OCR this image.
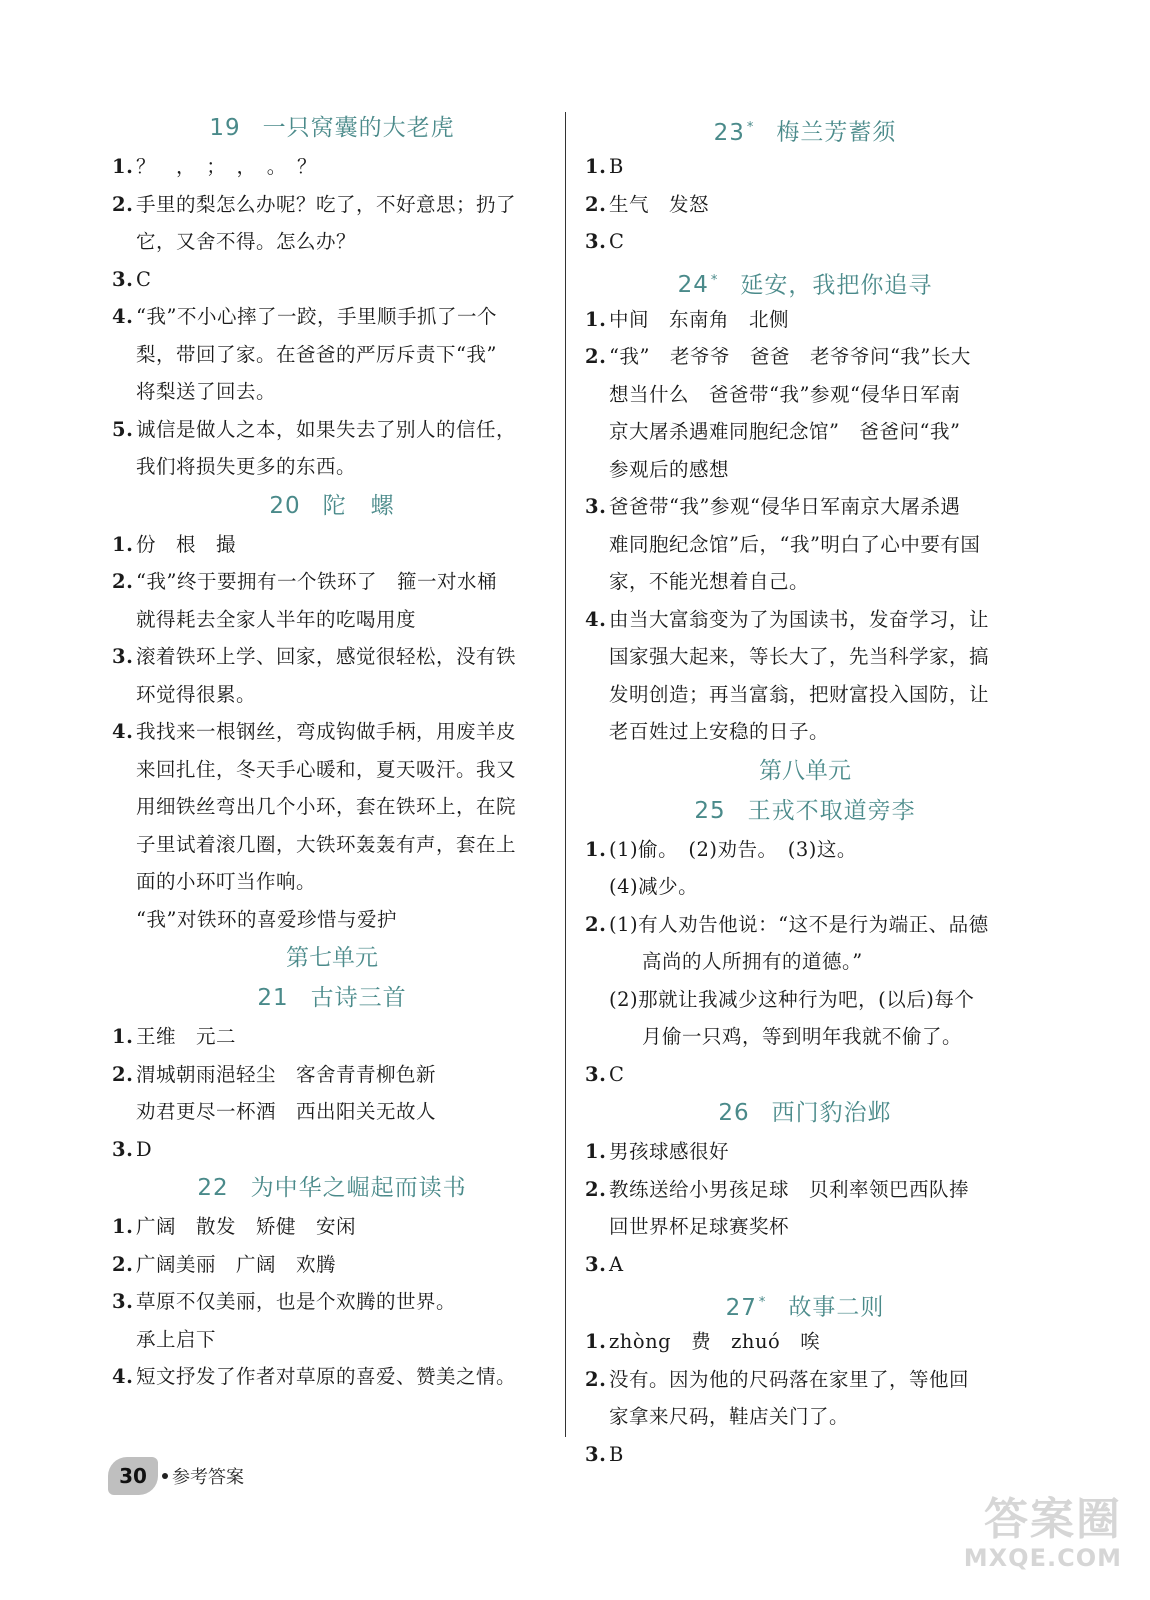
19 一只窝囊的大老虎
1. ？　，　；　，　。　？
2. 手里的梨怎么办呢？吃了，不好意思；扔了
它，又舍不得。怎么办？
3. C
4. “我”不小心摔了一跤，手里顺手抓了一个
梨，带回了家。在爸爸的严厉斥责下“我”
将梨送了回去。
5. 诚信是做人之本，如果失去了别人的信任，
我们将损失更多的东西。
20 陀　螺
1. 份　根　撮
2. “我”终于要拥有一个铁环了　箍一对水桶
就得耗去全家人半年的吃喝用度
3. 滚着铁环上学、回家，感觉很轻松，没有铁
环觉得很累。
4. 我找来一根钢丝，弯成钩做手柄，用废羊皮
来回扎住，冬天手心暖和，夏天吸汗。我又
用细铁丝弯出几个小环，套在铁环上，在院
子里试着滚几圈，大铁环轰轰有声，套在上
面的小环叮当作响。
“我”对铁环的喜爱珍惜与爱护
第七单元
21 古诗三首
1. 王维　元二
2. 渭城朝雨浥轻尘　客舍青青柳色新
劝君更尽一杯酒　西出阳关无故人
3. D
22 为中华之崛起而读书
1. 广阔　散发　矫健　安闲
2. 广阔美丽　广阔　欢腾
3. 草原不仅美丽，也是个欢腾的世界。
承上启下
4. 短文抒发了作者对草原的喜爱、赞美之情。
23 * 梅兰芳蓄须
1. B
2. 生气　发怒
3. C
24 * 延安，我把你追寻
1. 中间　东南角　北侧
2. “我”　老爷爷　爸爸　老爷爷问“我”长大
想当什么　爸爸带“我”参观“侵华日军南
京大屠杀遇难同胞纪念馆”　爸爸问“我”
参观后的感想
3. 爸爸带“我”参观“侵华日军南京大屠杀遇
难同胞纪念馆”后，“我”明白了心中要有国
家，不能光想着自己。
4. 由当大富翁变为了为国读书，发奋学习，让
国家强大起来，等长大了，先当科学家，搞
发明创造；再当富翁，把财富投入国防，让
老百姓过上安稳的日子。
第八单元
25 王戎不取道旁李
1. (1)偷。　(2)劝告。　(3)这。
(4)减少。
2. (1)有人劝告他说：“这不是行为端正、品德
高尚的人所拥有的道德。”
(2)那就让我减少这种行为吧，(以后)每个
月偷一只鸡，等到明年我就不偷了。
3. C
26 西门豹治邺
1. 男孩球感很好
2. 教练送给小男孩足球　贝利率领巴西队捧
回世界杯足球赛奖杯
3. A
27 * 故事二则
1. zhòng　费　zhuó　唉
2. 没有。因为他的尺码落在家里了，等他回
家拿来尺码，鞋店关门了。
3. B
30	参考答案
答案圈
MXQE.COM
